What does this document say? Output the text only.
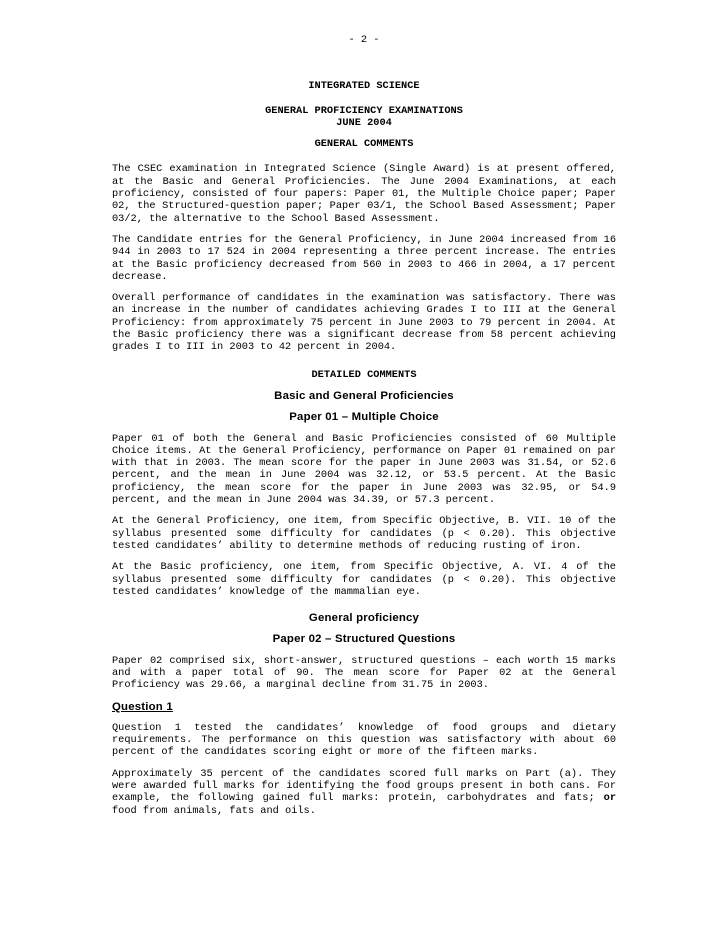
- 2 -
INTEGRATED SCIENCE
GENERAL PROFICIENCY EXAMINATIONS
JUNE 2004
GENERAL COMMENTS

The CSEC examination in Integrated Science (Single Award) is at present offered, at the Basic and General Proficiencies. The June 2004 Examinations, at each proficiency, consisted of four papers: Paper 01, the Multiple Choice paper; Paper 02, the Structured-question paper; Paper 03/1, the School Based Assessment; Paper 03/2, the alternative to the School Based Assessment.

The Candidate entries for the General Proficiency, in June 2004 increased from 16 944 in 2003 to 17 524 in 2004 representing a three percent increase. The entries at the Basic proficiency decreased from 560 in 2003 to 466 in 2004, a 17 percent decrease.

Overall performance of candidates in the examination was satisfactory. There was an increase in the number of candidates achieving Grades I to III at the General Proficiency: from approximately 75 percent in June 2003 to 79 percent in 2004. At the Basic proficiency there was a significant decrease from 58 percent achieving grades I to III in 2003 to 42 percent in 2004.

DETAILED COMMENTS
Basic and General Proficiencies
Paper 01 – Multiple Choice

Paper 01 of both the General and Basic Proficiencies consisted of 60 Multiple Choice items. At the General Proficiency, performance on Paper 01 remained on par with that in 2003. The mean score for the paper in June 2003 was 31.54, or 52.6 percent, and the mean in June 2004 was 32.12, or 53.5 percent. At the Basic proficiency, the mean score for the paper in June 2003 was 32.95, or 54.9 percent, and the mean in June 2004 was 34.39, or 57.3 percent.

At the General Proficiency, one item, from Specific Objective, B. VII. 10 of the syllabus presented some difficulty for candidates (p < 0.20). This objective tested candidates’ ability to determine methods of reducing rusting of iron.

At the Basic proficiency, one item, from Specific Objective, A. VI. 4 of the syllabus presented some difficulty for candidates (p < 0.20). This objective tested candidates’ knowledge of the mammalian eye.

General proficiency
Paper 02 – Structured Questions

Paper 02 comprised six, short-answer, structured questions – each worth 15 marks and with a paper total of 90. The mean score for Paper 02 at the General Proficiency was 29.66, a marginal decline from 31.75 in 2003.

Question 1

Question 1 tested the candidates’ knowledge of food groups and dietary requirements. The performance on this question was satisfactory with about 60 percent of the candidates scoring eight or more of the fifteen marks.

Approximately 35 percent of the candidates scored full marks on Part (a). They were awarded full marks for identifying the food groups present in both cans. For example, the following gained full marks: protein, carbohydrates and fats; or food from animals, fats and oils.
